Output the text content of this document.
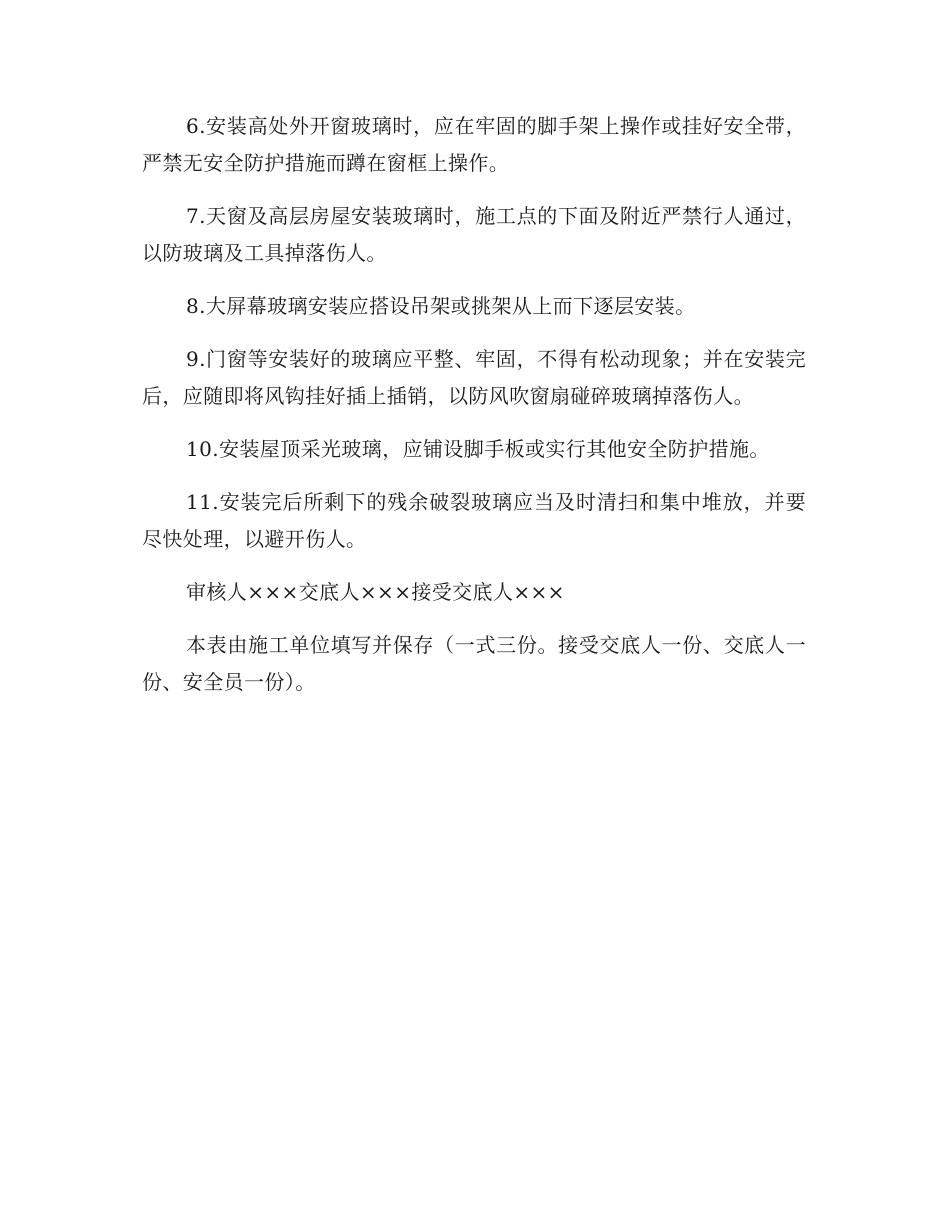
6.安装高处外开窗玻璃时，应在牢固的脚手架上操作或挂好安全带，严禁无安全防护措施而蹲在窗框上操作。

7.天窗及高层房屋安装玻璃时，施工点的下面及附近严禁行人通过，以防玻璃及工具掉落伤人。

8.大屏幕玻璃安装应搭设吊架或挑架从上而下逐层安装。

9.门窗等安装好的玻璃应平整、牢固，不得有松动现象；并在安装完后，应随即将风钩挂好插上插销，以防风吹窗扇碰碎玻璃掉落伤人。

10.安装屋顶采光玻璃，应铺设脚手板或实行其他安全防护措施。

11.安装完后所剩下的残余破裂玻璃应当及时清扫和集中堆放，并要尽快处理，以避开伤人。

审核人×××交底人×××接受交底人×××

本表由施工单位填写并保存（一式三份。接受交底人一份、交底人一份、安全员一份）。
